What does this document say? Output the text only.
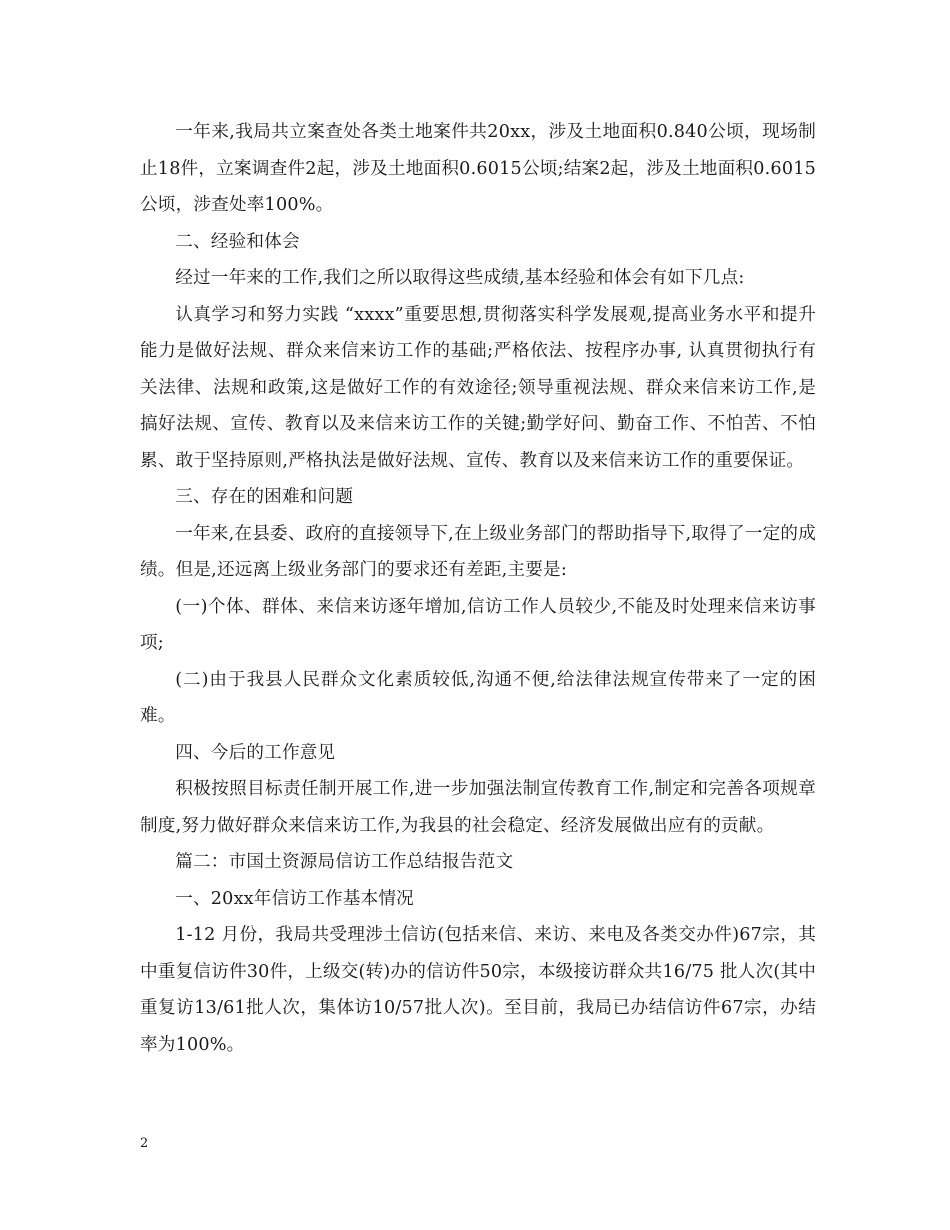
一年来,我局共立案查处各类土地案件共20xx，涉及土地面积0.840公顷，现场制止18件，立案调查件2起，涉及土地面积0.6015公顷;结案2起，涉及土地面积0.6015公顷，涉查处率100%。

二、经验和体会

经过一年来的工作,我们之所以取得这些成绩,基本经验和体会有如下几点:

认真学习和努力实践 “xxxx”重要思想,贯彻落实科学发展观,提高业务水平和提升能力是做好法规、群众来信来访工作的基础;严格依法、按程序办事, 认真贯彻执行有关法律、法规和政策,这是做好工作的有效途径;领导重视法规、群众来信来访工作,是搞好法规、宣传、教育以及来信来访工作的关键;勤学好问、勤奋工作、不怕苦、不怕累、敢于坚持原则,严格执法是做好法规、宣传、教育以及来信来访工作的重要保证。

三、存在的困难和问题

一年来,在县委、政府的直接领导下,在上级业务部门的帮助指导下,取得了一定的成绩。但是,还远离上级业务部门的要求还有差距,主要是:

(一)个体、群体、来信来访逐年增加,信访工作人员较少,不能及时处理来信来访事项;

(二)由于我县人民群众文化素质较低,沟通不便,给法律法规宣传带来了一定的困难。

四、今后的工作意见

积极按照目标责任制开展工作,进一步加强法制宣传教育工作,制定和完善各项规章制度,努力做好群众来信来访工作,为我县的社会稳定、经济发展做出应有的贡献。

篇二：市国土资源局信访工作总结报告范文

一、20xx年信访工作基本情况

1-12 月份，我局共受理涉土信访(包括来信、来访、来电及各类交办件)67宗，其中重复信访件30件，上级交(转)办的信访件50宗，本级接访群众共16/75 批人次(其中重复访13/61批人次，集体访10/57批人次)。至目前，我局已办结信访件67宗，办结率为100%。

2
